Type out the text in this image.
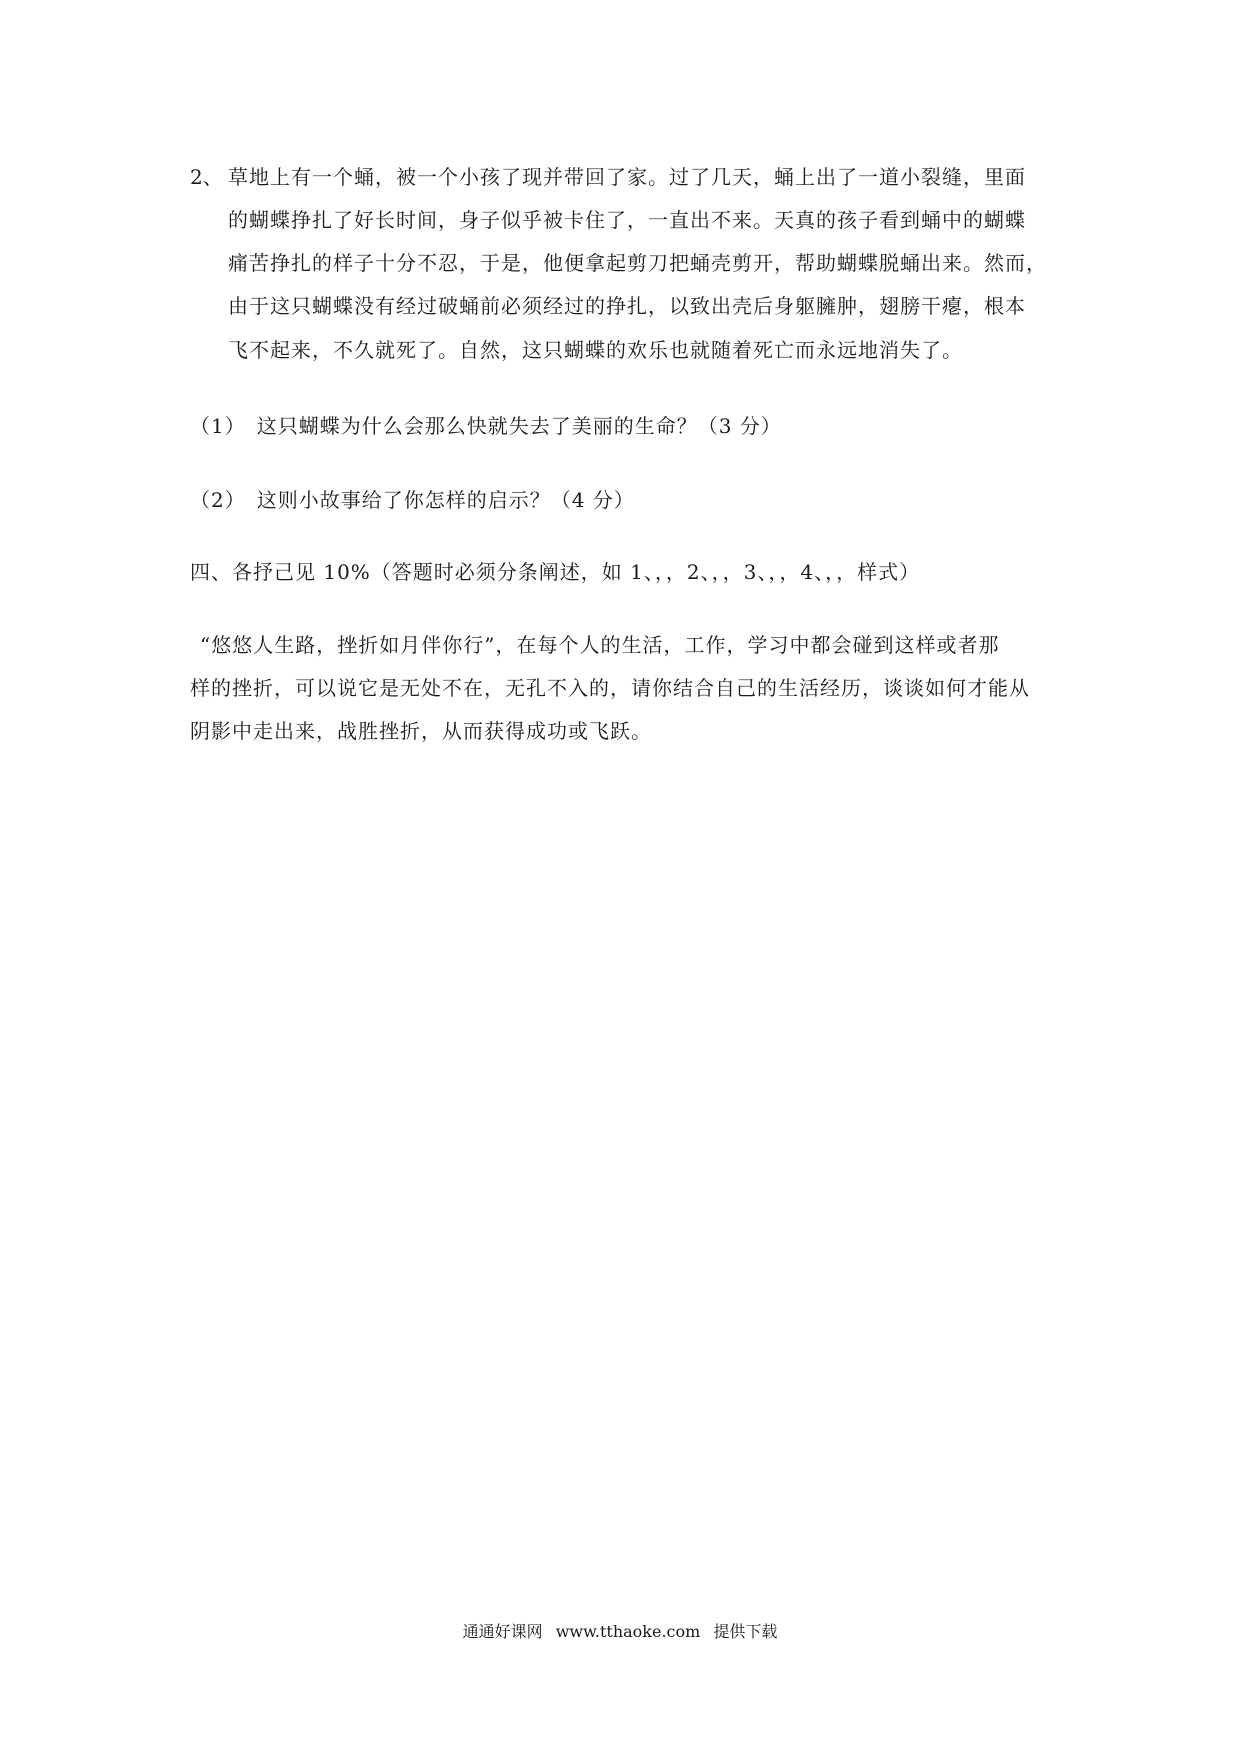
2、 草地上有一个蛹，被一个小孩了现并带回了家。过了几天，蛹上出了一道小裂缝，里面
的蝴蝶挣扎了好长时间，身子似乎被卡住了，一直出不来。天真的孩子看到蛹中的蝴蝶
痛苦挣扎的样子十分不忍，于是，他便拿起剪刀把蛹壳剪开，帮助蝴蝶脱蛹出来。然而，
由于这只蝴蝶没有经过破蛹前必须经过的挣扎，以致出壳后身躯臃肿，翅膀干瘪，根本
飞不起来，不久就死了。自然，这只蝴蝶的欢乐也就随着死亡而永远地消失了。
（1）　这只蝴蝶为什么会那么快就失去了美丽的生命？（3 分）
（2）　这则小故事给了你怎样的启示？（4 分）
四、各抒己见 10%（答题时必须分条阐述，如 1、，，2、，，3、，，4、，，样式）
“悠悠人生路，挫折如月伴你行”，在每个人的生活，工作，学习中都会碰到这样或者那
样的挫折，可以说它是无处不在，无孔不入的，请你结合自己的生活经历，谈谈如何才能从
阴影中走出来，战胜挫折，从而获得成功或飞跃。
通通好课网 www.tthaoke.com 提供下载
